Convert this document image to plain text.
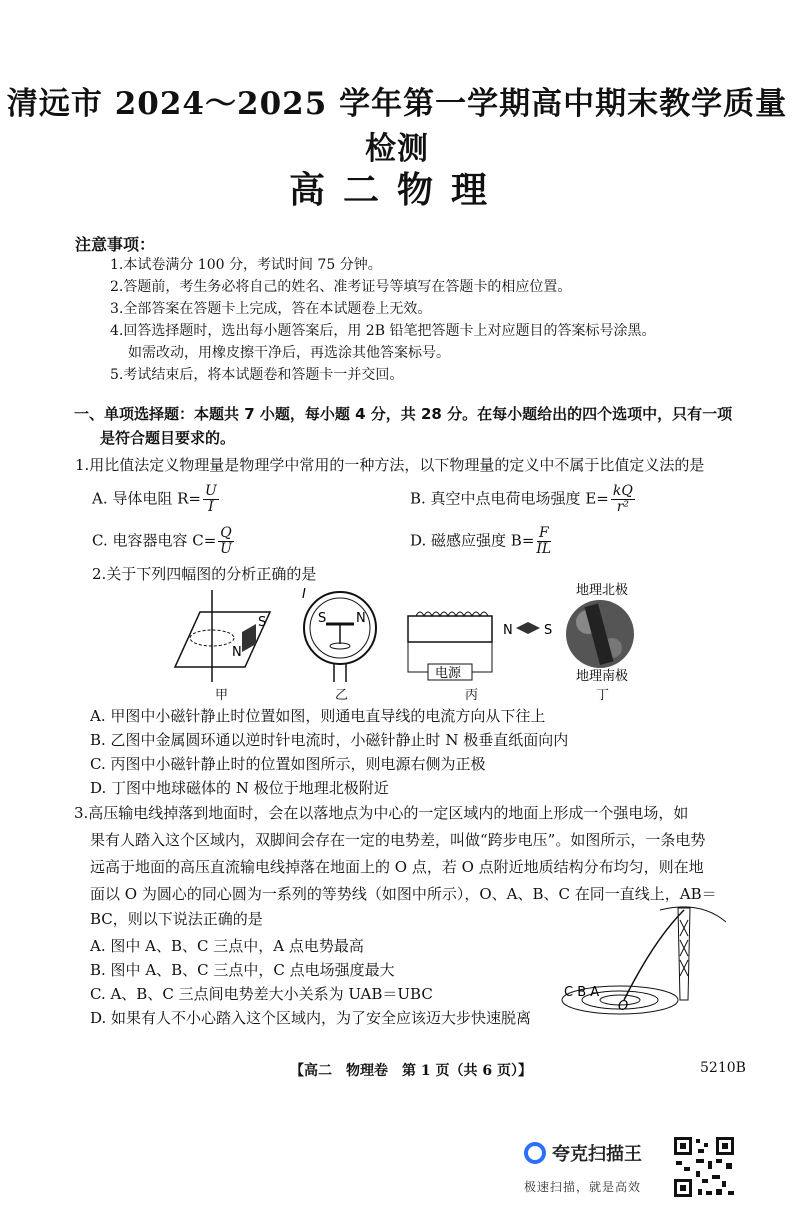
清远市 2024～2025 学年第一学期高中期末教学质量检测
高二物理
注意事项：
1.本试卷满分 100 分，考试时间 75 分钟。
2.答题前，考生务必将自己的姓名、准考证号等填写在答题卡的相应位置。
3.全部答案在答题卡上完成，答在本试题卷上无效。
4.回答选择题时，选出每小题答案后，用 2B 铅笔把答题卡上对应题目的答案标号涂黑。
如需改动，用橡皮擦干净后，再选涂其他答案标号。
5.考试结束后，将本试题卷和答题卡一并交回。
一、单项选择题：本题共 7 小题，每小题 4 分，共 28 分。在每小题给出的四个选项中，只有一项
是符合题目要求的。
1.用比值法定义物理量是物理学中常用的一种方法，以下物理量的定义中不属于比值定义法的是
A. 导体电阻 $R= \frac{U}{I}$	B. 真空中点电荷电场强度 $E= \frac{kQ}{\text{r²}}$
C. 电容器电容 $C= \frac{Q}{U}$	D. 磁感应强度 $B= \frac{F}{IL}$
2.关于下列四幅图的分析正确的是
S
N
S N
I
电源
N S
地理北极
地理南极
甲	乙	丙	丁
A. 甲图中小磁针静止时位置如图，则通电直导线的电流方向从下往上
B. 乙图中金属圆环通以逆时针电流时，小磁针静止时 N 极垂直纸面向内
C. 丙图中小磁针静止时的位置如图所示，则电源右侧为正极
D. 丁图中地球磁体的 N 极位于地理北极附近
3.高压输电线掉落到地面时，会在以落地点为中心的一定区域内的地面上形成一个强电场，如
果有人踏入这个区域内，双脚间会存在一定的电势差，叫做“跨步电压”。如图所示，一条电势
远高于地面的高压直流输电线掉落在地面上的 O 点，若 O 点附近地质结构分布均匀，则在地
面以 O 为圆心的同心圆为一系列的等势线（如图中所示），O、A、B、C 在同一直线上，AB＝
BC，则以下说法正确的是
A. 图中 A、B、C 三点中，A 点电势最高
B. 图中 A、B、C 三点中，C 点电场强度最大
C. A、B、C 三点间电势差大小关系为 UAB＝UBC
D. 如果有人不小心踏入这个区域内，为了安全应该迈大步快速脱离
C B A
O
【高二　物理卷　第 1 页（共 6 页）】	5210B
夸克扫描王
极速扫描，就是高效
